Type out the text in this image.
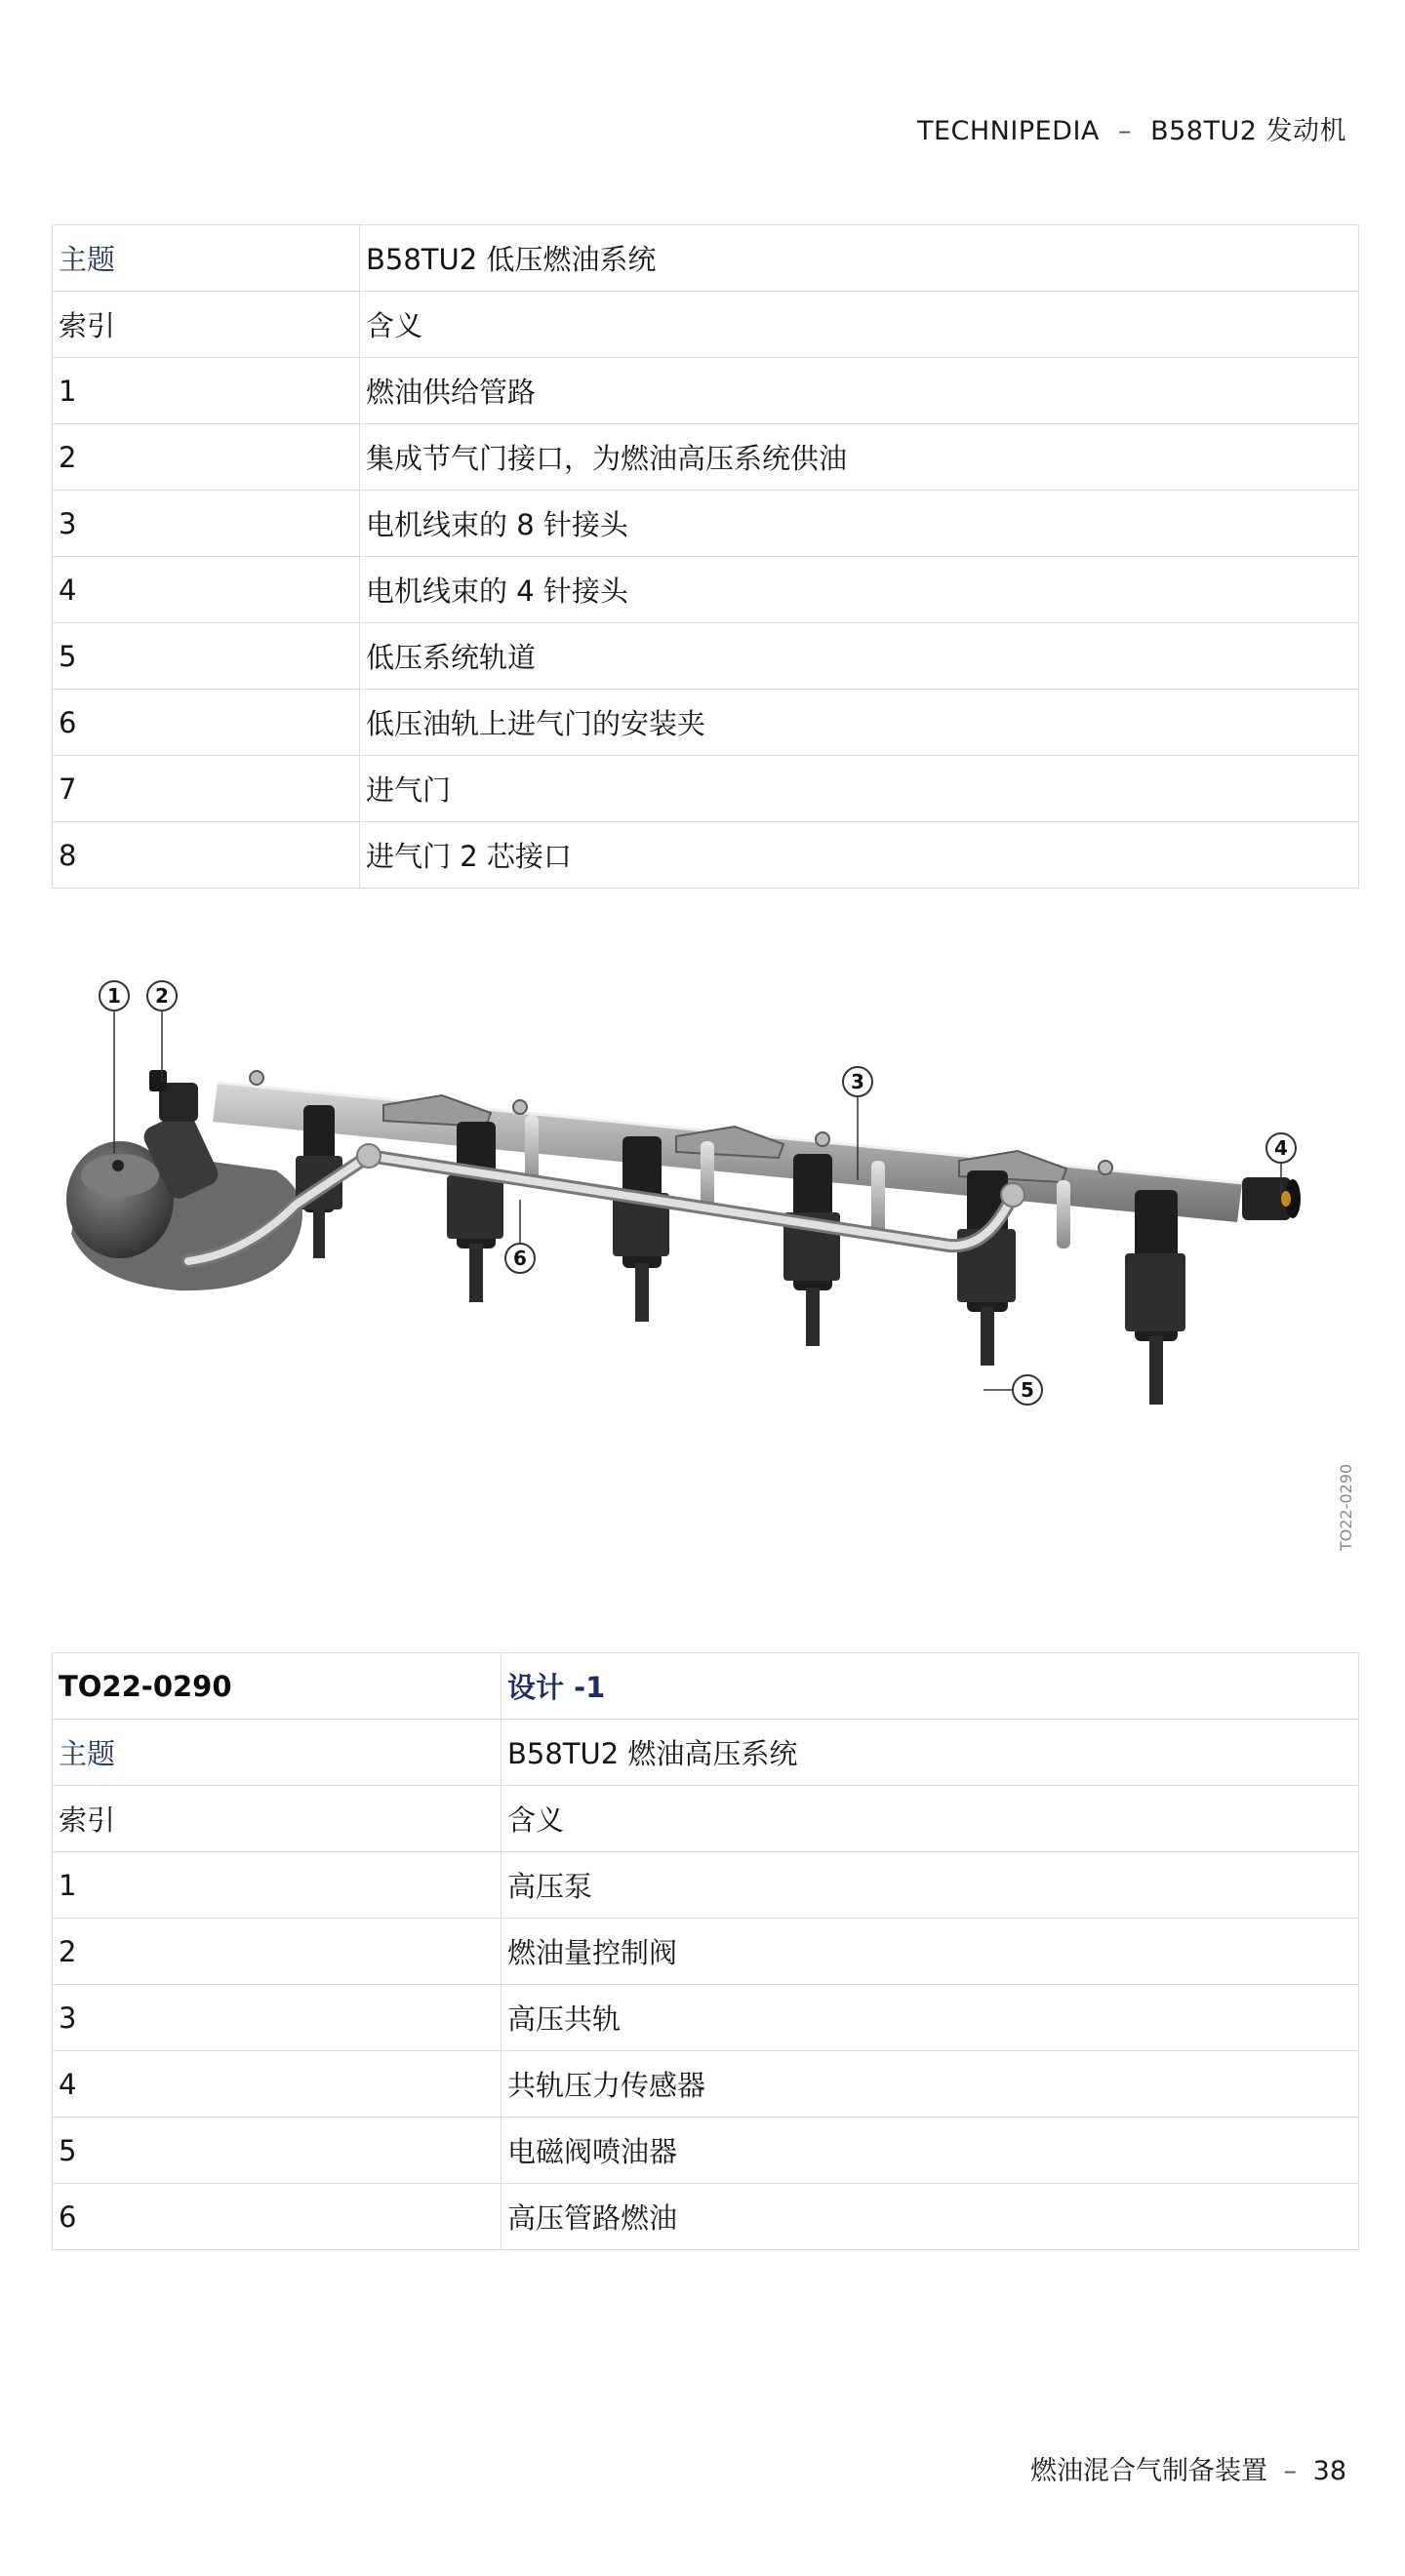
TECHNIPEDIA – B58TU2 发动机
主题	B58TU2 低压燃油系统
索引	含义
1	燃油供给管路
2	集成节气门接口，为燃油高压系统供油
3	电机线束的 8 针接头
4	电机线束的 4 针接头
5	低压系统轨道
6	低压油轨上进气门的安装夹
7	进气门
8	进气门 2 芯接口
1 2
3
4
5
6
TO22-0290
TO22-0290	设计 -1
主题	B58TU2 燃油高压系统
索引	含义
1	高压泵
2	燃油量控制阀
3	高压共轨
4	共轨压力传感器
5	电磁阀喷油器
6	高压管路燃油
燃油混合气制备装置 – 38
